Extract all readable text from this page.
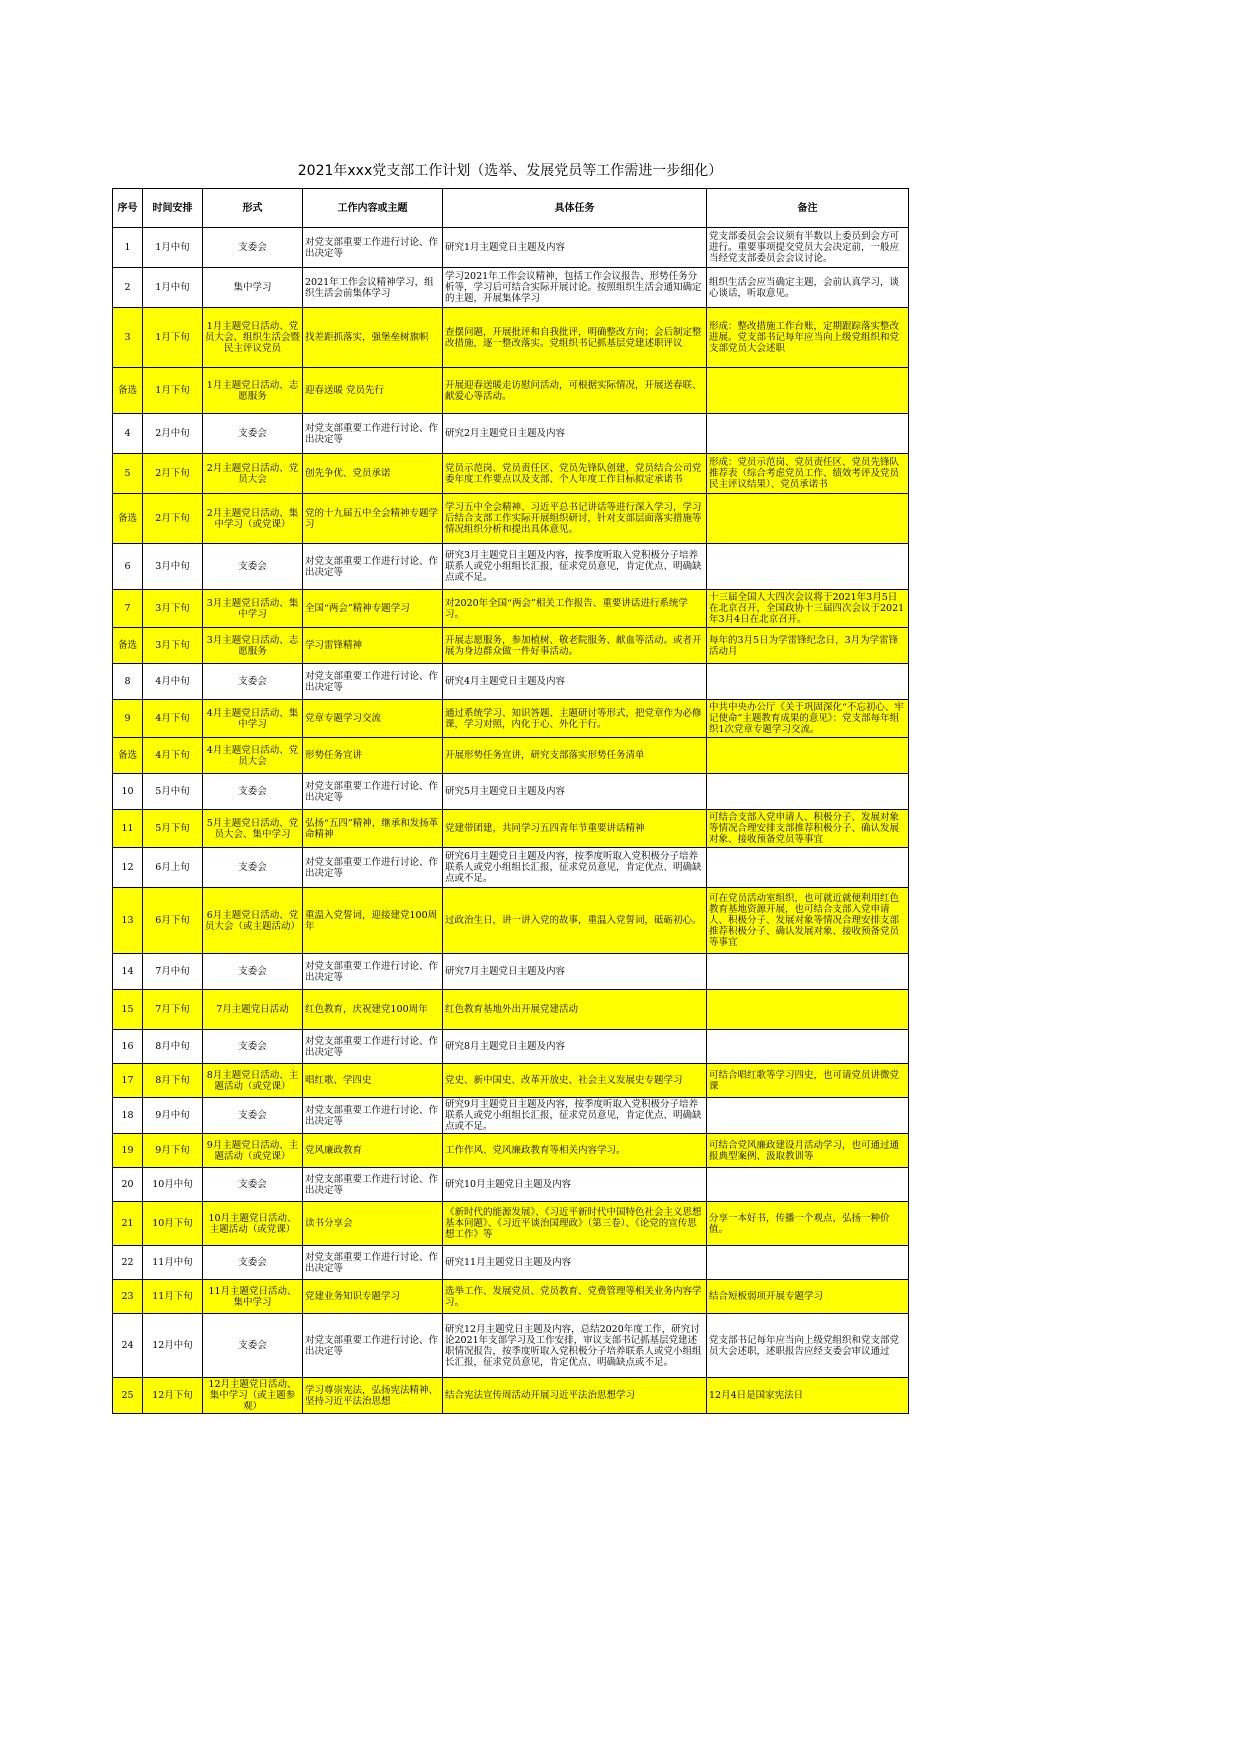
2021年xxx党支部工作计划（选举、发展党员等工作需进一步细化）
序号	时间安排	形式	工作内容或主题	具体任务	备注
1	1月中旬	支委会	对党支部重要工作进行讨论、作出决定等	研究1月主题党日主题及内容	党支部委员会会议须有半数以上委员到会方可进行。重要事项提交党员大会决定前，一般应当经党支部委员会会议讨论。
2	1月中旬	集中学习	2021年工作会议精神学习，组织生活会前集体学习	学习2021年工作会议精神，包括工作会议报告、形势任务分析等，学习后可结合实际开展讨论。按照组织生活会通知确定的主题，开展集体学习	组织生活会应当确定主题，会前认真学习，谈心谈话，听取意见。
3	1月下旬	1月主题党日活动、党员大会、组织生活会暨民主评议党员	找差距抓落实，强堡垒树旗帜	查摆问题，开展批评和自我批评，明确整改方向；会后制定整改措施，逐一整改落实。党组织书记抓基层党建述职评议	形成：整改措施工作台账，定期跟踪落实整改进展。党支部书记每年应当向上级党组织和党支部党员大会述职
备选	1月下旬	1月主题党日活动、志愿服务	迎春送暖 党员先行	开展迎春送暖走访慰问活动，可根据实际情况，开展送春联、献爱心等活动。	
4	2月中旬	支委会	对党支部重要工作进行讨论、作出决定等	研究2月主题党日主题及内容	
5	2月下旬	2月主题党日活动、党员大会	创先争优、党员承诺	党员示范岗、党员责任区、党员先锋队创建，党员结合公司党委年度工作要点以及支部、个人年度工作目标拟定承诺书	形成：党员示范岗、党员责任区、党员先锋队推荐表（综合考虑党员工作、绩效考评及党员民主评议结果）、党员承诺书
备选	2月下旬	2月主题党日活动、集中学习（或党课）	党的十九届五中全会精神专题学习	学习五中全会精神、习近平总书记讲话等进行深入学习，学习后结合支部工作实际开展组织研讨，针对支部层面落实措施等情况组织分析和提出具体意见。	
6	3月中旬	支委会	对党支部重要工作进行讨论、作出决定等	研究3月主题党日主题及内容，按季度听取入党积极分子培养联系人或党小组组长汇报，征求党员意见，肯定优点、明确缺点或不足。	
7	3月下旬	3月主题党日活动、集中学习	全国“两会”精神专题学习	对2020年全国“两会”相关工作报告、重要讲话进行系统学习。	十三届全国人大四次会议将于2021年3月5日在北京召开，全国政协十三届四次会议于2021年3月4日在北京召开。
备选	3月下旬	3月主题党日活动、志愿服务	学习雷锋精神	开展志愿服务，参加植树、敬老院服务、献血等活动。或者开展为身边群众做一件好事活动。	每年的3月5日为学雷锋纪念日，3月为学雷锋活动月
8	4月中旬	支委会	对党支部重要工作进行讨论、作出决定等	研究4月主题党日主题及内容	
9	4月下旬	4月主题党日活动、集中学习	党章专题学习交流	通过系统学习、知识答题、主题研讨等形式，把党章作为必修课，学习对照，内化于心、外化于行。	中共中央办公厅《关于巩固深化“不忘初心、牢记使命”主题教育成果的意见》：党支部每年组织1次党章专题学习交流。
备选	4月下旬	4月主题党日活动、党员大会	形势任务宣讲	开展形势任务宣讲，研究支部落实形势任务清单	
10	5月中旬	支委会	对党支部重要工作进行讨论、作出决定等	研究5月主题党日主题及内容	
11	5月下旬	5月主题党日活动、党员大会、集中学习	弘扬“五四”精神，继承和发扬革命精神	党建带团建，共同学习五四青年节重要讲话精神	可结合支部入党申请人、积极分子、发展对象等情况合理安排支部推荐积极分子、确认发展对象、接收预备党员等事宜
12	6月上旬	支委会	对党支部重要工作进行讨论、作出决定等	研究6月主题党日主题及内容，按季度听取入党积极分子培养联系人或党小组组长汇报，征求党员意见，肯定优点、明确缺点或不足。	
13	6月下旬	6月主题党日活动、党员大会（或主题活动）	重温入党誓词，迎接建党100周年	过政治生日，讲一讲入党的故事，重温入党誓词，砥砺初心。	可在党员活动室组织，也可就近就便利用红色教育基地资源开展，也可结合支部入党申请人、积极分子、发展对象等情况合理安排支部推荐积极分子、确认发展对象、接收预备党员等事宜
14	7月中旬	支委会	对党支部重要工作进行讨论、作出决定等	研究7月主题党日主题及内容	
15	7月下旬	7月主题党日活动	红色教育，庆祝建党100周年	红色教育基地外出开展党建活动	
16	8月中旬	支委会	对党支部重要工作进行讨论、作出决定等	研究8月主题党日主题及内容	
17	8月下旬	8月主题党日活动、主题活动（或党课）	唱红歌、学四史	党史、新中国史、改革开放史、社会主义发展史专题学习	可结合唱红歌等学习四史，也可请党员讲微党课
18	9月中旬	支委会	对党支部重要工作进行讨论、作出决定等	研究9月主题党日主题及内容，按季度听取入党积极分子培养联系人或党小组组长汇报，征求党员意见，肯定优点、明确缺点或不足。	
19	9月下旬	9月主题党日活动、主题活动（或党课）	党风廉政教育	工作作风、党风廉政教育等相关内容学习。	可结合党风廉政建设月活动学习，也可通过通报典型案例、汲取教训等
20	10月中旬	支委会	对党支部重要工作进行讨论、作出决定等	研究10月主题党日主题及内容	
21	10月下旬	10月主题党日活动、主题活动（或党课）	读书分享会	《新时代的能源发展》、《习近平新时代中国特色社会主义思想基本问题》、《习近平谈治国理政》（第三卷）、《论党的宣传思想工作》等	分享一本好书，传播一个观点，弘扬一种价值。
22	11月中旬	支委会	对党支部重要工作进行讨论、作出决定等	研究11月主题党日主题及内容	
23	11月下旬	11月主题党日活动、集中学习	党建业务知识专题学习	选举工作、发展党员、党员教育、党费管理等相关业务内容学习。	结合短板弱项开展专题学习
24	12月中旬	支委会	对党支部重要工作进行讨论、作出决定等	研究12月主题党日主题及内容，总结2020年度工作，研究讨论2021年支部学习及工作安排，审议支部书记抓基层党建述职情况报告，按季度听取入党积极分子培养联系人或党小组组长汇报，征求党员意见，肯定优点、明确缺点或不足。	党支部书记每年应当向上级党组织和党支部党员大会述职，述职报告应经支委会审议通过
25	12月下旬	12月主题党日活动、集中学习（或主题参观）	学习尊崇宪法，弘扬宪法精神、坚持习近平法治思想	结合宪法宣传周活动开展习近平法治思想学习	12月4日是国家宪法日
